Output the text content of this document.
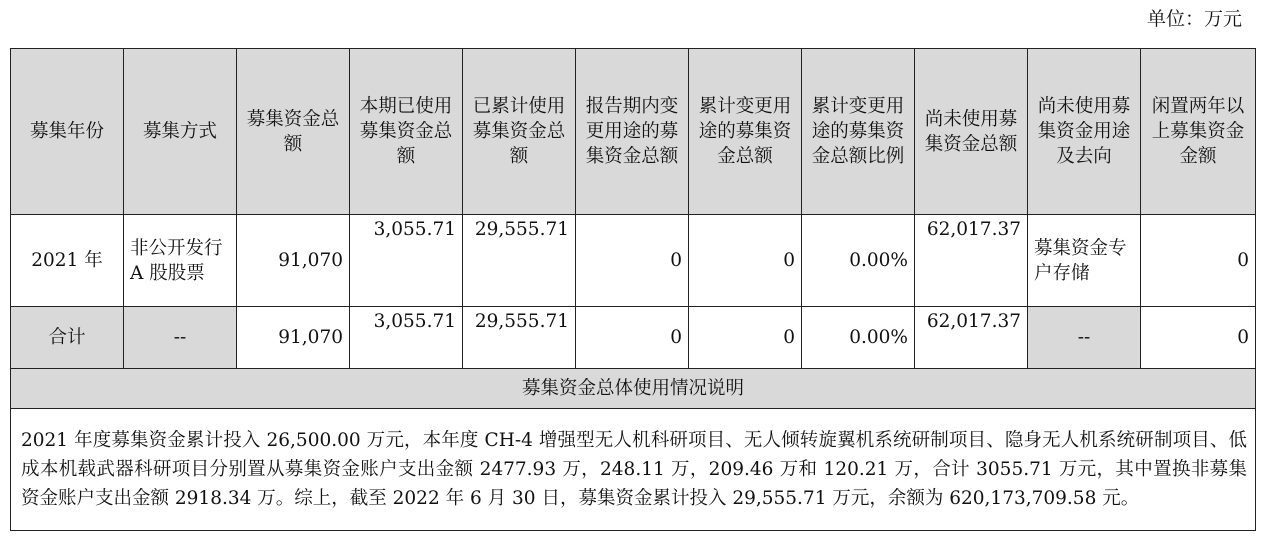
单位：万元
募集年份	募集方式	募集资金总额	本期已使用募集资金总额	已累计使用募集资金总额	报告期内变更用途的募集资金总额	累计变更用途的募集资金总额	累计变更用途的募集资金总额比例	尚未使用募集资金总额	尚未使用募集资金用途及去向	闲置两年以上募集资金金额
2021 年	非公开发行 A 股股票	91,070	3,055.71	29,555.71	0	0	0.00%	62,017.37	募集资金专户存储	0
合计	--	91,070	3,055.71	29,555.71	0	0	0.00%	62,017.37	--	0
募集资金总体使用情况说明										
2021 年度募集资金累计投入 26,500.00 万元，本年度 CH-4 增强型无人机科研项目、无人倾转旋翼机系统研制项目、隐身无人机系统研制项目、低成本机载武器科研项目分别置从募集资金账户支出金额 2477.93 万，248.11 万，209.46 万和 120.21 万，合计 3055.71 万元，其中置换非募集资金账户支出金额 2918.34 万。综上，截至 2022 年 6 月 30 日，募集资金累计投入 29,555.71 万元，余额为 620,173,709.58 元。										
